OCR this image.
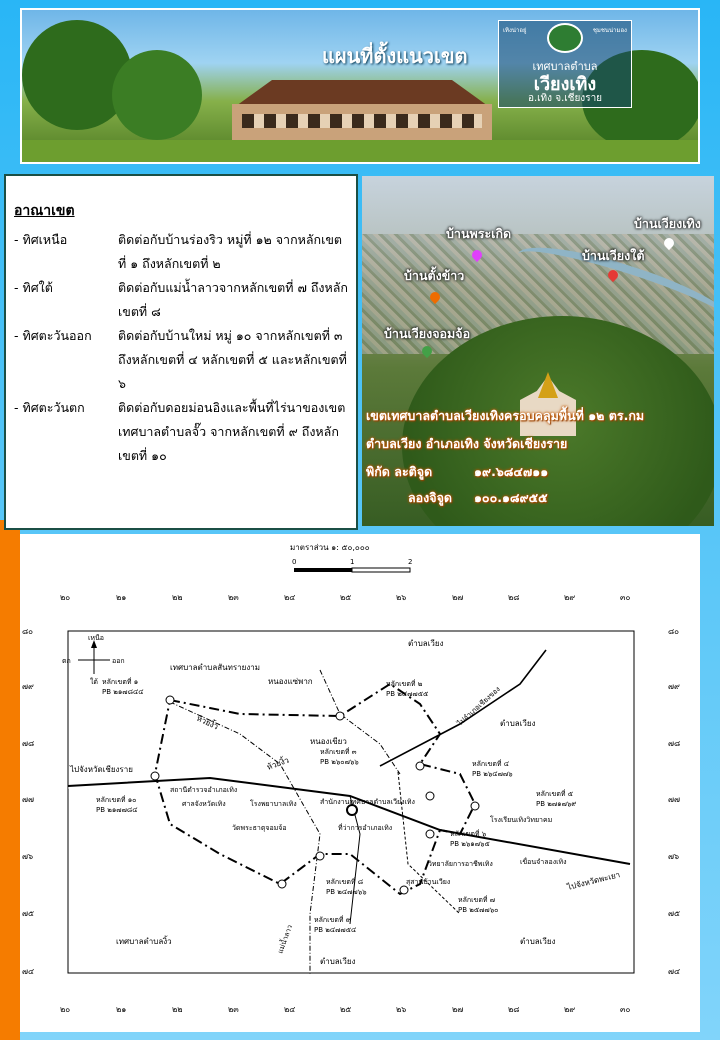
แผนที่ตั้งแนวเขต
เทิงน่าอยู่	ชุมชนน่ามอง
เทศบาลตำบล
เวียงเทิง
อ.เทิง จ.เชียงราย
อาณาเขต
- ทิศเหนือ	ติดต่อกับบ้านร่องริว หมู่ที่ ๑๒ จากหลักเขตที่ ๑ ถึงหลักเขตที่ ๒
- ทิศใต้	ติดต่อกับแม่น้ำลาวจากหลักเขตที่ ๗ ถึงหลักเขตที่ ๘
- ทิศตะวันออก	ติดต่อกับบ้านใหม่ หมู่ ๑๐ จากหลักเขตที่ ๓ ถึงหลักเขตที่ ๔ หลักเขตที่ ๕ และหลักเขตที่ ๖
- ทิศตะวันตก	ติดต่อกับดอยม่อนอิงและพื้นที่ไร่นาของเขตเทศบาลตำบลจั๊ว จากหลักเขตที่ ๙ ถึงหลักเขตที่ ๑๐
บ้านเวียงเทิง
บ้านพระเกิด
บ้านเวียงใต้
บ้านตั้งข้าว
บ้านเวียงจอมจ้อ
เขตเทศบาลตำบลเวียงเทิงครอบคลุมพื้นที่ ๑๒ ตร.กม
ตำบลเวียง อำเภอเทิง จังหวัดเชียงราย
พิกัด ละติจูด	๑๙.๖๘๔๗๑๑
ลองจิจูด ๑๐๐.๑๘๙๕๕
มาตราส่วน ๑: ๕๐,๐๐๐
0	1	2
๒๐	๒๑	๒๒	๒๓	๒๔	๒๕	๒๖	๒๗	๒๘	๒๙	๓๐
๒๐	๒๑	๒๒	๒๓	๒๔	๒๕	๒๖	๒๗	๒๘	๒๙	๓๐
๘๐
๗๙
๗๘
๗๗
๗๖
๗๕
๗๔
๘๐
๗๙
๗๘
๗๗
๗๖
๗๕
๗๔
เหนือ
ออก
ตก
ใต้
เทศบาลตำบลสันทรายงาม
ตำบลเวียง
ตำบลเวียง
เทศบาลตำบลงิ้ว
ตำบลเวียง
ตำบลเวียง
หนองแซ่พาก
หนองเขียว
ห้วยงิ้ว
ห้วยงิ้ว
ไปอำเภอเชียงของ
ไปจังหวัดเชียงราย
ไปจังหวัดพะเยา
สถานีตำรวจอำเภอเทิง
ศาลจังหวัดเทิง	โรงพยาบาลเทิง
วัดพระธาตุจอมจ้อ
สำนักงานเทศบาลตำบลเวียงเทิง
ที่ว่าการอำเภอเทิง
โรงเรียนเทิงวิทยาคม
วิทยาลัยการอาชีพเทิง	เขื่อนจำลองเทิง
สุสานบ้านเวียง
แม่น้ำลาว
หลักเขตที่ ๑
PB ๒๑๗๘๔๔
หลักเขตที่ ๒
PB ๒๔๗๗๕๕
หลักเขตที่ ๓
PB ๒๖๐๗๖๖	หลักเขตที่ ๔
PB ๒๖๔๗๗๖
หลักเขตที่ ๕
PB ๒๗๑๗๖๙
หลักเขตที่ ๖
PB ๒๖๑๗๖๕
หลักเขตที่ ๗
PB ๒๕๗๗๖๐
หลักเขตที่ ๘
PB ๒๔๗๗๖๖
หลักเขตที่ ๙
PB ๒๔๗๗๕๔
หลักเขตที่ ๑๐
PB ๒๑๗๗๘๔
